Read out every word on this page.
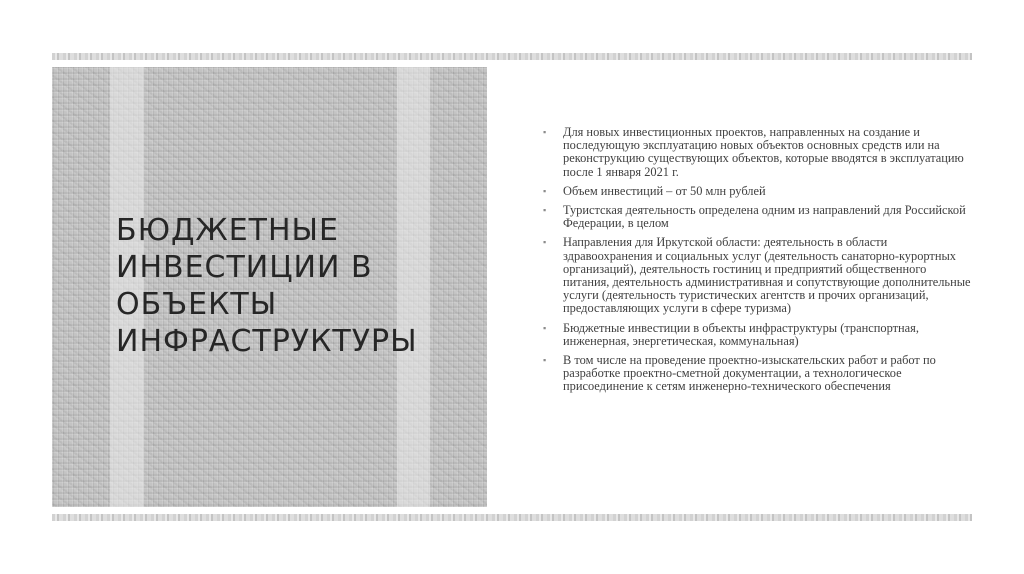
БЮДЖЕТНЫЕ ИНВЕСТИЦИИ В ОБЪЕКТЫ ИНФРАСТРУКТУРЫ
▪ Для новых инвестиционных проектов, направленных на создание и последующую эксплуатацию новых объектов основных средств или на реконструкцию существующих объектов, которые вводятся в эксплуатацию после 1 января 2021 г.
▪ Объем инвестиций – от 50 млн рублей
▪ Туристская деятельность определена одним из направлений для Российской Федерации, в целом
▪ Направления для Иркутской области: деятельность в области здравоохранения и социальных услуг (деятельность санаторно-курортных организаций), деятельность гостиниц и предприятий общественного питания, деятельность административная и сопутствующие дополнительные услуги (деятельность туристических агентств и прочих организаций, предоставляющих услуги в сфере туризма)
▪ Бюджетные инвестиции в объекты инфраструктуры (транспортная, инженерная, энергетическая, коммунальная)
▪ В том числе на проведение проектно-изыскательских работ и работ по разработке проектно-сметной документации, а технологическое присоединение к сетям инженерно-технического обеспечения
